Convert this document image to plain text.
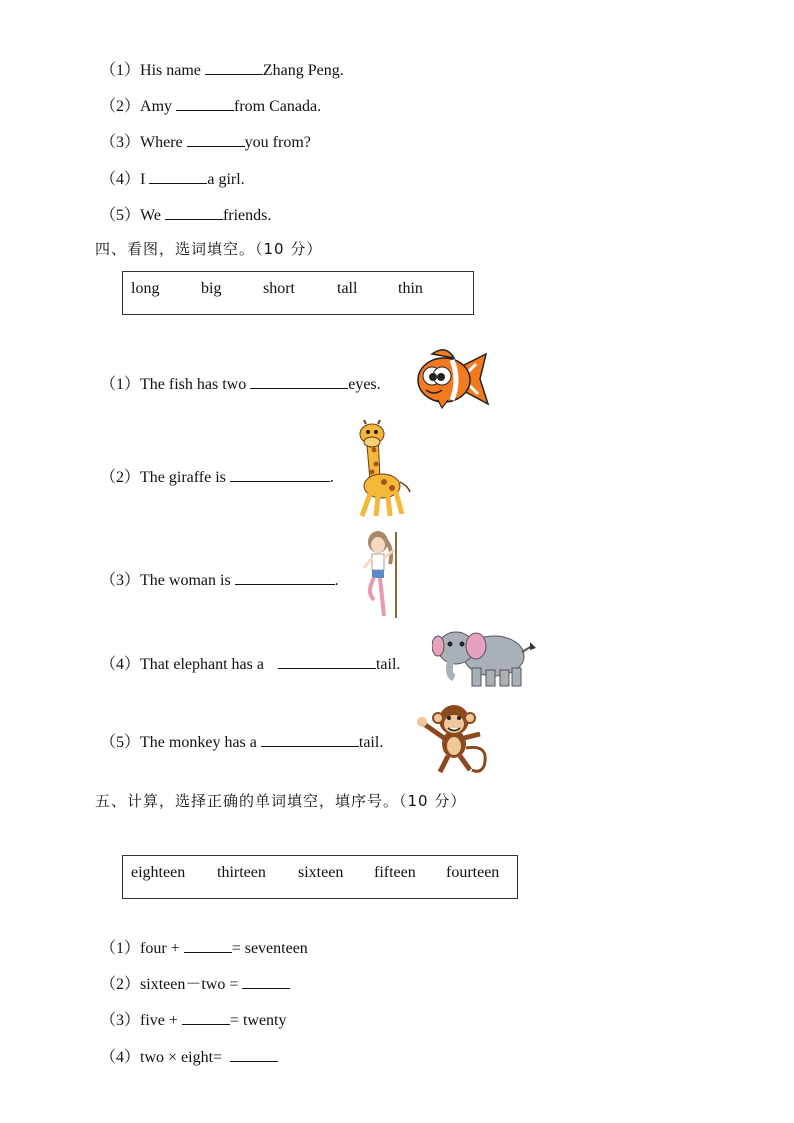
（1）His name	Zhang Peng.
（2）Amy	from Canada.
（3）Where	you from?
（4）I	a girl.
（5）We	friends.
四、看图，选词填空。（10 分）
long	big	short	tall	thin
（1）The fish has two	eyes.
（2）The giraffe is	.
（3）The woman is	.
（4）That elephant has a	tail.
（5）The monkey has a	tail.
五、计算，选择正确的单词填空，填序号。（10 分）
eighteen thirteen sixteen fifteen fourteen
（1）four +	= seventeen
（2）sixteen－two =
（3）five +	= twenty
（4）two × eight=
